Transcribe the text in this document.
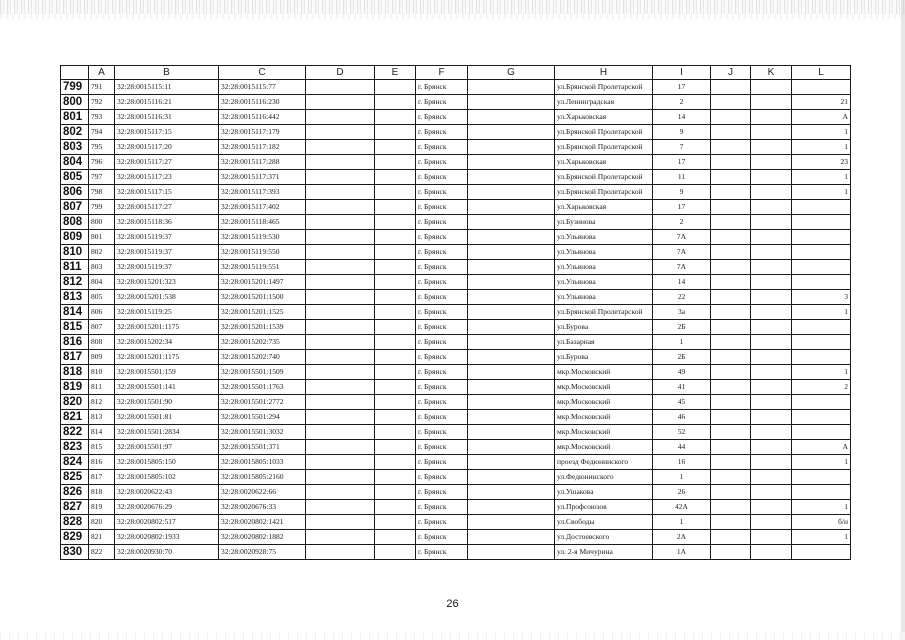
	A	B	C	D	E	F	G	H	I	J	K	L
799	791	32:28:0015115:11	32:28:0015115:77			г. Брянск		ул.Брянской Пролетарской	17			
800	792	32:28:0015116:21	32:28:0015116:230			г. Брянск		ул.Ленинградская	2			21
801	793	32:28:0015116:31	32:28:0015116:442			г. Брянск		ул.Харьковская	14			А
802	794	32:28:0015117:15	32:28:0015117:179			г. Брянск		ул.Брянской Пролетарской	9			1
803	795	32:28:0015117:20	32:28:0015117:182			г. Брянск		ул.Брянской Пролетарской	7			1
804	796	32:28:0015117:27	32:28:0015117:288			г. Брянск		ул.Харьковская	17			23
805	797	32:28:0015117:23	32:28:0015117:371			г. Брянск		ул.Брянской Пролетарской	11			1
806	798	32:28:0015117:15	32:28:0015117:393			г. Брянск		ул.Брянской Пролетарской	9			1
807	799	32:28:0015117:27	32:28:0015117:402			г. Брянск		ул.Харьковская	17			
808	800	32:28:0015118:36	32:28:0015118:465			г. Брянск		ул.Бузинова	2			
809	801	32:28:0015119:37	32:28:0015119:530			г. Брянск		ул.Ульянова	7А			
810	802	32:28:0015119:37	32:28:0015119:550			г. Брянск		ул.Ульянова	7А			
811	803	32:28:0015119:37	32:28:0015119:551			г. Брянск		ул.Ульянова	7А			
812	804	32:28:0015201:323	32:28:0015201:1497			г. Брянск		ул.Ульянова	14			
813	805	32:28:0015201:538	32:28:0015201:1500			г. Брянск		ул.Ульянова	22			3
814	806	32:28:0015119:25	32:28:0015201:1525			г. Брянск		ул.Брянской Пролетарской	3а			1
815	807	32:28:0015201:1175	32:28:0015201:1539			г. Брянск		ул.Бурова	2Б			
816	808	32:28:0015202:34	32:28:0015202:735			г. Брянск		ул.Базарная	1			
817	809	32:28:0015201:1175	32:28:0015202:740			г. Брянск		ул.Бурова	2Б			
818	810	32:28:0015501:159	32:28:0015501:1509			г. Брянск		мкр.Московский	49			1
819	811	32:28:0015501:141	32:28:0015501:1763			г. Брянск		мкр.Московский	41			2
820	812	32:28:0015501:90	32:28:0015501:2772			г. Брянск		мкр.Московский	45			
821	813	32:28:0015501:81	32:28:0015501:294			г. Брянск		мкр.Московский	46			
822	814	32:28:0015501:2834	32:28:0015501:3032			г. Брянск		мкр.Московский	52			
823	815	32:28:0015501:97	32:28:0015501:371			г. Брянск		мкр.Московский	44			А
824	816	32:28:0015805:150	32:28:0015805:1033			г. Брянск		проезд Федюнинского	16			1
825	817	32:28:0015805:102	32:28:0015805:2160			г. Брянск		ул.Федюнинского	1			
826	818	32:28:0020622:43	32:28:0020622:66			г. Брянск		ул.Ушакова	26			
827	819	32:28:0020676:29	32:28:0020676:33			г. Брянск		ул.Профсоюзов	42А			1
828	820	32:28:0020802:517	32:28:0020802:1421			г. Брянск		ул.Свободы	1			б/н
829	821	32:28:0020802:1933	32:28:0020802:1882			г. Брянск		ул.Достоевского	2А			1
830	822	32:28:0020930:70	32:28:0020928:75			г. Брянск		ул. 2-я Мичурина	1А			
26
